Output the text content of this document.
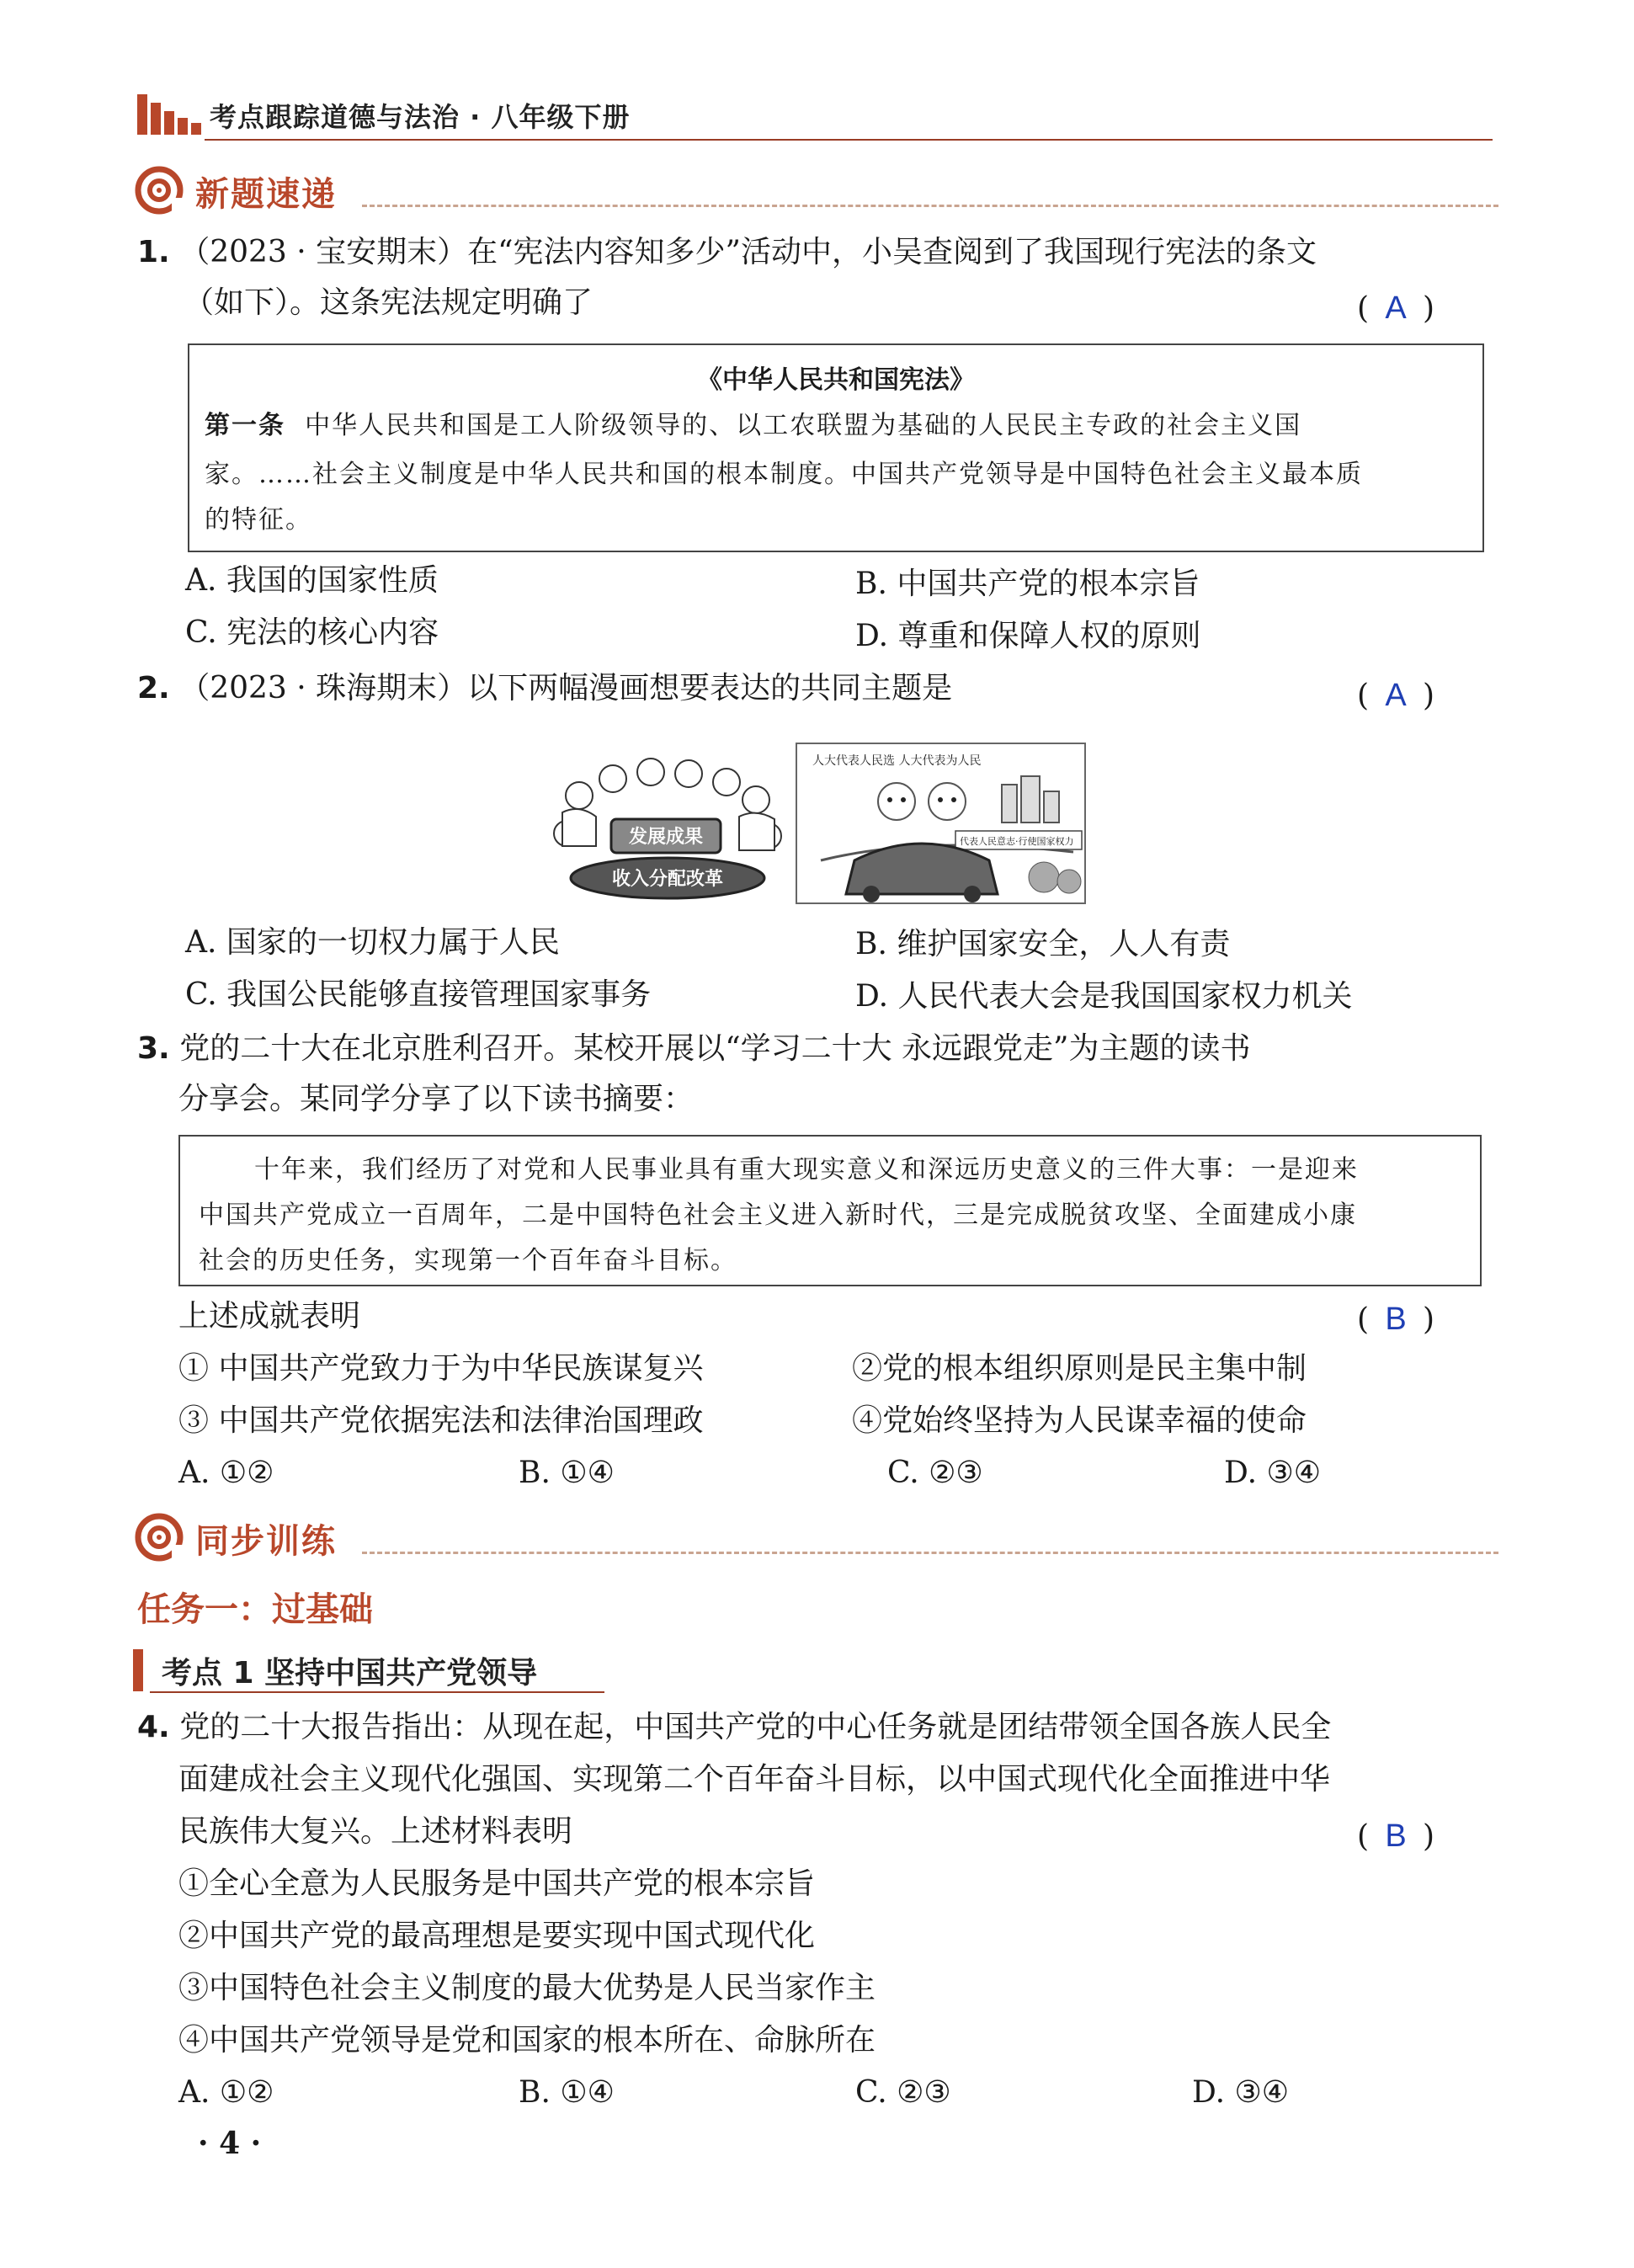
考点跟踪道德与法治 · 八年级下册
新题速递
1. （2023 · 宝安期末）在“宪法内容知多少”活动中，小吴查阅到了我国现行宪法的条文
（如下）。这条宪法规定明确了	( A )
《中华人民共和国宪法》
第一条 中华人民共和国是工人阶级领导的、以工农联盟为基础的人民民主专政的社会主义国
家。……社会主义制度是中华人民共和国的根本制度。中国共产党领导是中国特色社会主义最本质
的特征。
A. 我国的国家性质	B. 中国共产党的根本宗旨
C. 宪法的核心内容	D. 尊重和保障人权的原则
2. （2023 · 珠海期末）以下两幅漫画想要表达的共同主题是	( A )
发展成果
收入分配改革
人大代表人民选 人大代表为人民
代表人民意志·行使国家权力
A. 国家的一切权力属于人民	B. 维护国家安全，人人有责
C. 我国公民能够直接管理国家事务	D. 人民代表大会是我国国家权力机关
3. 党的二十大在北京胜利召开。某校开展以“学习二十大 永远跟党走”为主题的读书
分享会。某同学分享了以下读书摘要：
十年来，我们经历了对党和人民事业具有重大现实意义和深远历史意义的三件大事：一是迎来
中国共产党成立一百周年，二是中国特色社会主义进入新时代，三是完成脱贫攻坚、全面建成小康
社会的历史任务，实现第一个百年奋斗目标。
上述成就表明	( B )
① 中国共产党致力于为中华民族谋复兴	②党的根本组织原则是民主集中制
③ 中国共产党依据宪法和法律治国理政	④党始终坚持为人民谋幸福的使命
A. ①②	B. ①④	C. ②③	D. ③④
同步训练
任务一：过基础
考点 1 坚持中国共产党领导
4. 党的二十大报告指出：从现在起，中国共产党的中心任务就是团结带领全国各族人民全
面建成社会主义现代化强国、实现第二个百年奋斗目标，以中国式现代化全面推进中华
民族伟大复兴。上述材料表明	( B )
①全心全意为人民服务是中国共产党的根本宗旨
②中国共产党的最高理想是要实现中国式现代化
③中国特色社会主义制度的最大优势是人民当家作主
④中国共产党领导是党和国家的根本所在、命脉所在
A. ①②	B. ①④	C. ②③	D. ③④
· 4 ·
